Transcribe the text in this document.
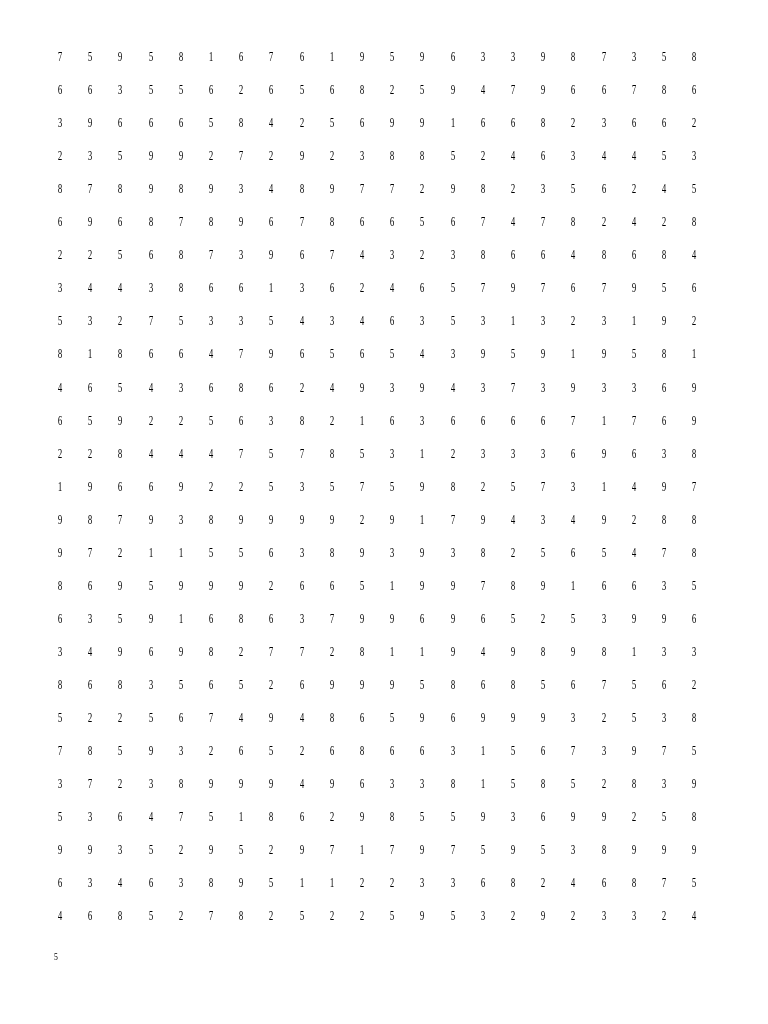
7 5 9 5 8 1 6 7 6 1 9 5 9 6 3 3 9 8 7 3 5 8
6 6 3 5 5 6 2 6 5 6 8 2 5 9 4 7 9 6 6 7 8 6
3 9 6 6 6 5 8 4 2 5 6 9 9 1 6 6 8 2 3 6 6 2
2 3 5 9 9 2 7 2 9 2 3 8 8 5 2 4 6 3 4 4 5 3
8 7 8 9 8 9 3 4 8 9 7 7 2 9 8 2 3 5 6 2 4 5
6 9 6 8 7 8 9 6 7 8 6 6 5 6 7 4 7 8 2 4 2 8
2 2 5 6 8 7 3 9 6 7 4 3 2 3 8 6 6 4 8 6 8 4
3 4 4 3 8 6 6 1 3 6 2 4 6 5 7 9 7 6 7 9 5 6
5 3 2 7 5 3 3 5 4 3 4 6 3 5 3 1 3 2 3 1 9 2
8 1 8 6 6 4 7 9 6 5 6 5 4 3 9 5 9 1 9 5 8 1
4 6 5 4 3 6 8 6 2 4 9 3 9 4 3 7 3 9 3 3 6 9
6 5 9 2 2 5 6 3 8 2 1 6 3 6 6 6 6 7 1 7 6 9
2 2 8 4 4 4 7 5 7 8 5 3 1 2 3 3 3 6 9 6 3 8
1 9 6 6 9 2 2 5 3 5 7 5 9 8 2 5 7 3 1 4 9 7
9 8 7 9 3 8 9 9 9 9 2 9 1 7 9 4 3 4 9 2 8 8
9 7 2 1 1 5 5 6 3 8 9 3 9 3 8 2 5 6 5 4 7 8
8 6 9 5 9 9 9 2 6 6 5 1 9 9 7 8 9 1 6 6 3 5
6 3 5 9 1 6 8 6 3 7 9 9 6 9 6 5 2 5 3 9 9 6
3 4 9 6 9 8 2 7 7 2 8 1 1 9 4 9 8 9 8 1 3 3
8 6 8 3 5 6 5 2 6 9 9 9 5 8 6 8 5 6 7 5 6 2
5 2 2 5 6 7 4 9 4 8 6 5 9 6 9 9 9 3 2 5 3 8
7 8 5 9 3 2 6 5 2 6 8 6 6 3 1 5 6 7 3 9 7 5
3 7 2 3 8 9 9 9 4 9 6 3 3 8 1 5 8 5 2 8 3 9
5 3 6 4 7 5 1 8 6 2 9 8 5 5 9 3 6 9 9 2 5 8
9 9 3 5 2 9 5 2 9 7 1 7 9 7 5 9 5 3 8 9 9 9
6 3 4 6 3 8 9 5 1 1 2 2 3 3 6 8 2 4 6 8 7 5
4 6 8 5 2 7 8 2 5 2 2 5 9 5 3 2 9 2 3 3 2 4
5
